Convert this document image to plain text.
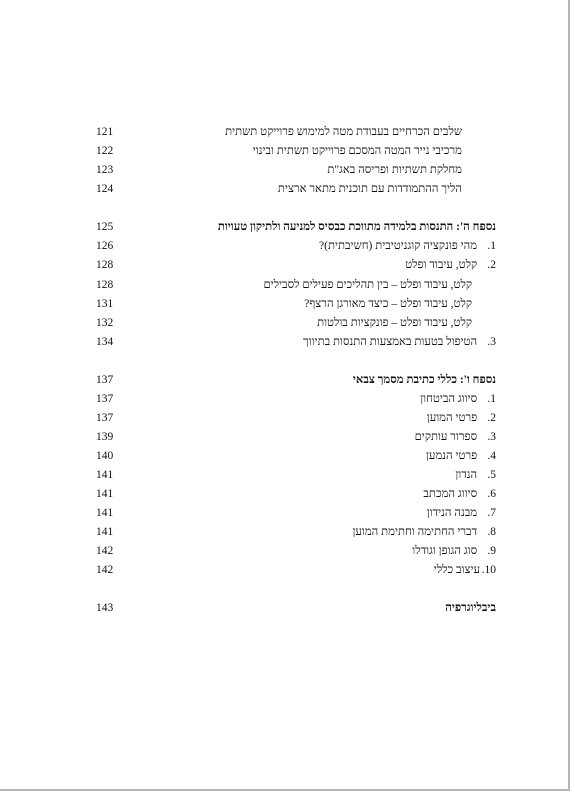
שלבים הכרחיים בעבודת מטה למימוש פרוייקט תשתית
121
מרכיבי נייר המטה המסכם פרוייקט תשתית ובינוי
122
מחלקת תשתיות ופריסה באג"ת
123
הליך ההתמודדות עם תוכנית מתאר ארצית
124
נספח ה': התנסות בלמידה מתווכת כבסיס למניעה ולתיקון טעויות
125
1. מהי פונקציה קוגניטיבית (חשיבתית)?
126
2. קלט, עיבוד ופלט
128
קלט, עיבוד ופלט – בין תהליכים פעילים לסבילים
128
קלט, עיבוד ופלט – כיצד מאורגן הרצף?
131
קלט, עיבוד ופלט – פונקציות בולטות
132
3. הטיפול בטעות באמצעות התנסות בתיווך
134
נספח ו': כללי כתיבת מסמך צבאי
137
1. סיווג הביטחון
137
2. פרטי המוען
137
3. ספרור עותקים
139
4. פרטי הנמען
140
5. הנדון
141
6. סיווג המכתב
141
7. מבנה הנידון
141
8. דברי החתימה וחתימת המוען
141
9. סוג הגופן וגודלו
142
10.עיצוב כללי
142
ביבליוגרפיה
143
